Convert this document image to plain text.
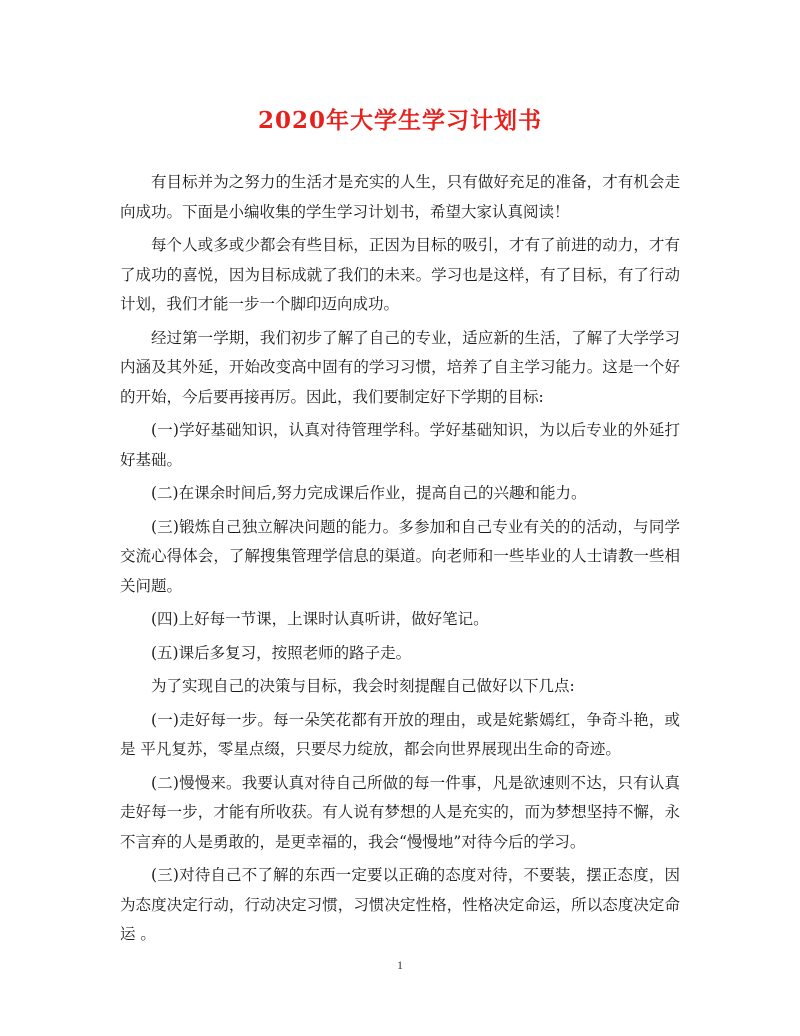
2020年大学生学习计划书

有目标并为之努力的生活才是充实的人生，只有做好充足的准备，才有机会走向成功。下面是小编收集的学生学习计划书，希望大家认真阅读！

每个人或多或少都会有些目标，正因为目标的吸引，才有了前进的动力，才有了成功的喜悦，因为目标成就了我们的未来。学习也是这样，有了目标，有了行动计划，我们才能一步一个脚印迈向成功。

经过第一学期，我们初步了解了自己的专业，适应新的生活，了解了大学学习内涵及其外延，开始改变高中固有的学习习惯，培养了自主学习能力。这是一个好的开始，今后要再接再厉。因此，我们要制定好下学期的目标:

(一)学好基础知识，认真对待管理学科。学好基础知识，为以后专业的外延打好基础。

(二)在课余时间后,努力完成课后作业，提高自己的兴趣和能力。

(三)锻炼自己独立解决问题的能力。多参加和自己专业有关的的活动，与同学交流心得体会，了解搜集管理学信息的渠道。向老师和一些毕业的人士请教一些相关问题。

(四)上好每一节课，上课时认真听讲，做好笔记。

(五)课后多复习，按照老师的路子走。

为了实现自己的决策与目标，我会时刻提醒自己做好以下几点:

(一)走好每一步。每一朵笑花都有开放的理由，或是姹紫嫣红，争奇斗艳，或是 平凡复苏，零星点缀，只要尽力绽放，都会向世界展现出生命的奇迹。

(二)慢慢来。我要认真对待自己所做的每一件事，凡是欲速则不达，只有认真走好每一步，才能有所收获。有人说有梦想的人是充实的，而为梦想坚持不懈，永不言弃的人是勇敢的，是更幸福的，我会“慢慢地”对待今后的学习。

(三)对待自己不了解的东西一定要以正确的态度对待，不要装，摆正态度，因为态度决定行动，行动决定习惯，习惯决定性格，性格决定命运，所以态度决定命运 。

1
